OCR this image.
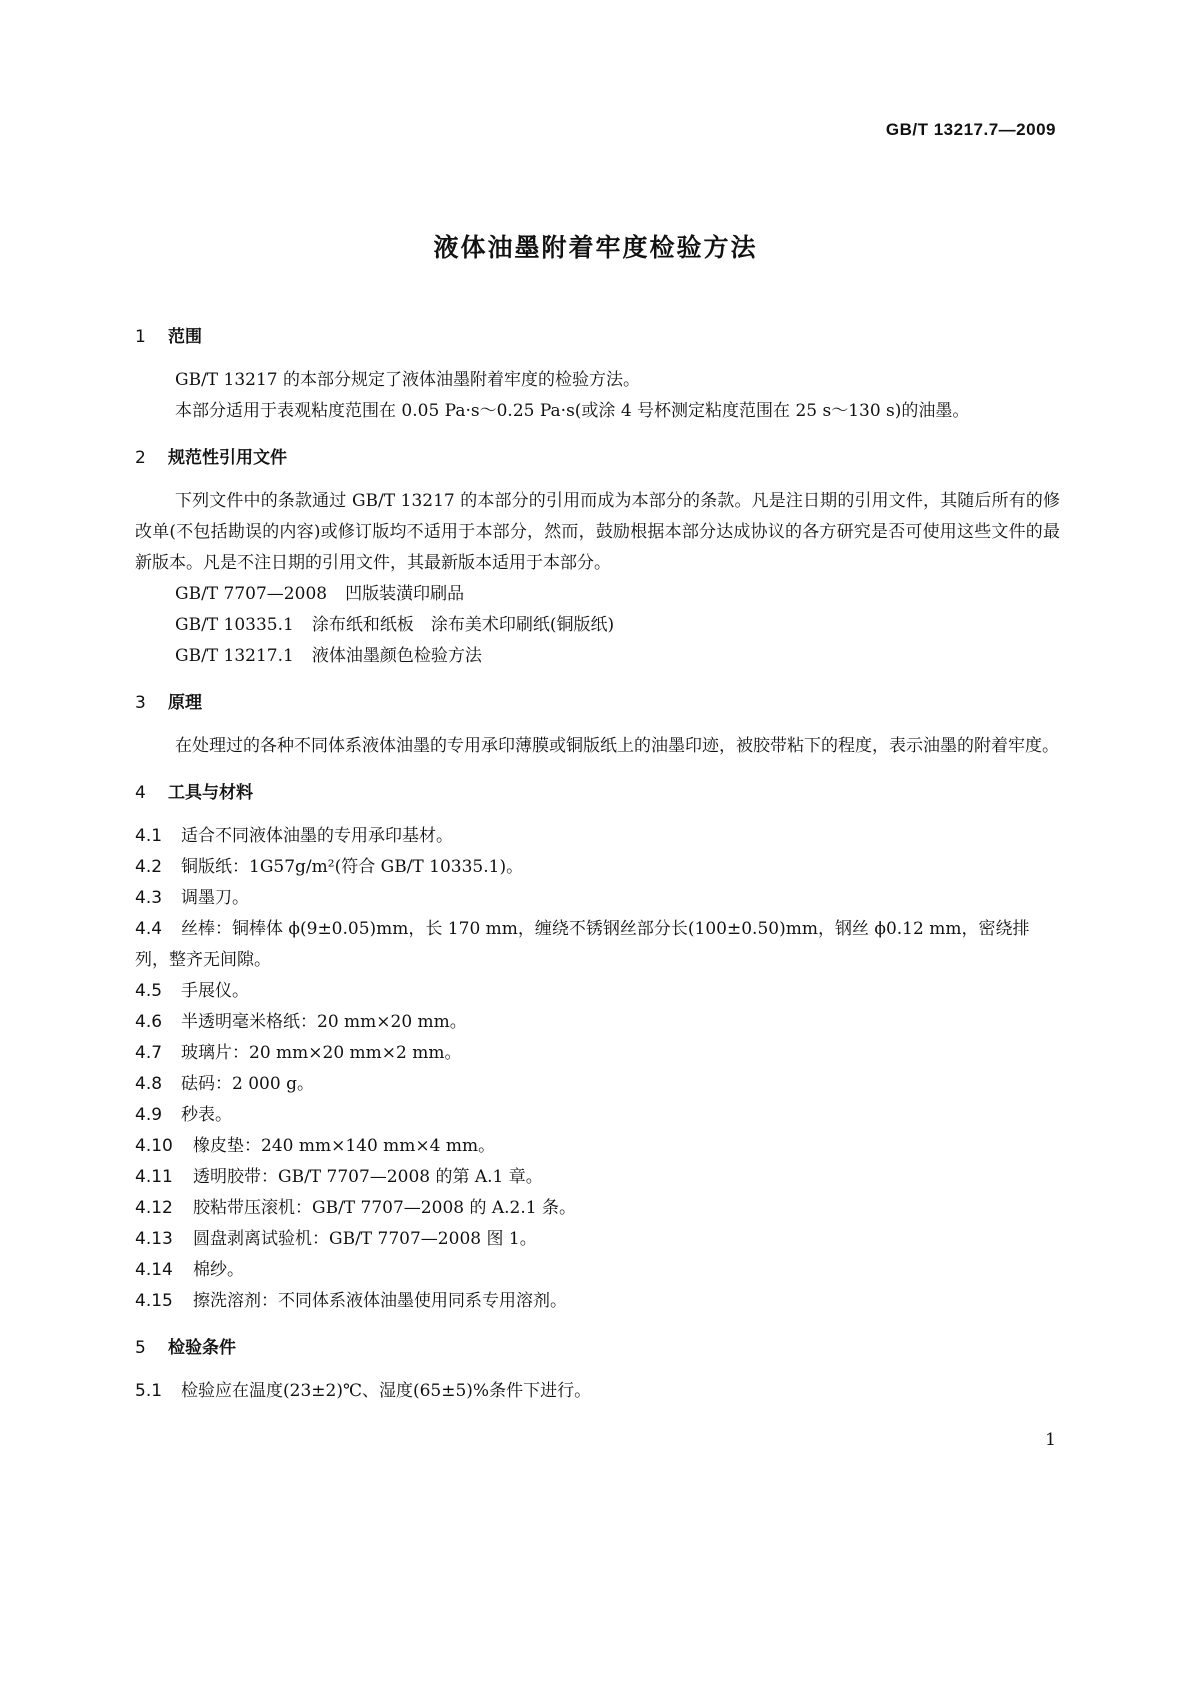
GB/T 13217.7—2009
液体油墨附着牢度检验方法
1 范围

GB/T 13217 的本部分规定了液体油墨附着牢度的检验方法。

本部分适用于表观粘度范围在 0.05 Pa·s～0.25 Pa·s(或涂 4 号杯测定粘度范围在 25 s～130 s)的油墨。

2 规范性引用文件

下列文件中的条款通过 GB/T 13217 的本部分的引用而成为本部分的条款。凡是注日期的引用文件，其随后所有的修改单(不包括勘误的内容)或修订版均不适用于本部分，然而，鼓励根据本部分达成协议的各方研究是否可使用这些文件的最新版本。凡是不注日期的引用文件，其最新版本适用于本部分。

GB/T 7707—2008 凹版装潢印刷品

GB/T 10335.1 涂布纸和纸板　涂布美术印刷纸(铜版纸)

GB/T 13217.1 液体油墨颜色检验方法

3 原理

在处理过的各种不同体系液体油墨的专用承印薄膜或铜版纸上的油墨印迹，被胶带粘下的程度，表示油墨的附着牢度。

4 工具与材料

4.1 适合不同液体油墨的专用承印基材。

4.2 铜版纸：1G57g/m²(符合 GB/T 10335.1)。

4.3 调墨刀。

4.4 丝棒：铜棒体 ϕ(9±0.05)mm，长 170 mm，缠绕不锈钢丝部分长(100±0.50)mm，钢丝 ϕ0.12 mm，密绕排列，整齐无间隙。

4.5 手展仪。

4.6 半透明毫米格纸：20 mm×20 mm。

4.7 玻璃片：20 mm×20 mm×2 mm。

4.8 砝码：2 000 g。

4.9 秒表。

4.10 橡皮垫：240 mm×140 mm×4 mm。

4.11 透明胶带：GB/T 7707—2008 的第 A.1 章。

4.12 胶粘带压滚机：GB/T 7707—2008 的 A.2.1 条。

4.13 圆盘剥离试验机：GB/T 7707—2008 图 1。

4.14 棉纱。

4.15 擦洗溶剂：不同体系液体油墨使用同系专用溶剂。

5 检验条件

5.1 检验应在温度(23±2)℃、湿度(65±5)%条件下进行。

1
